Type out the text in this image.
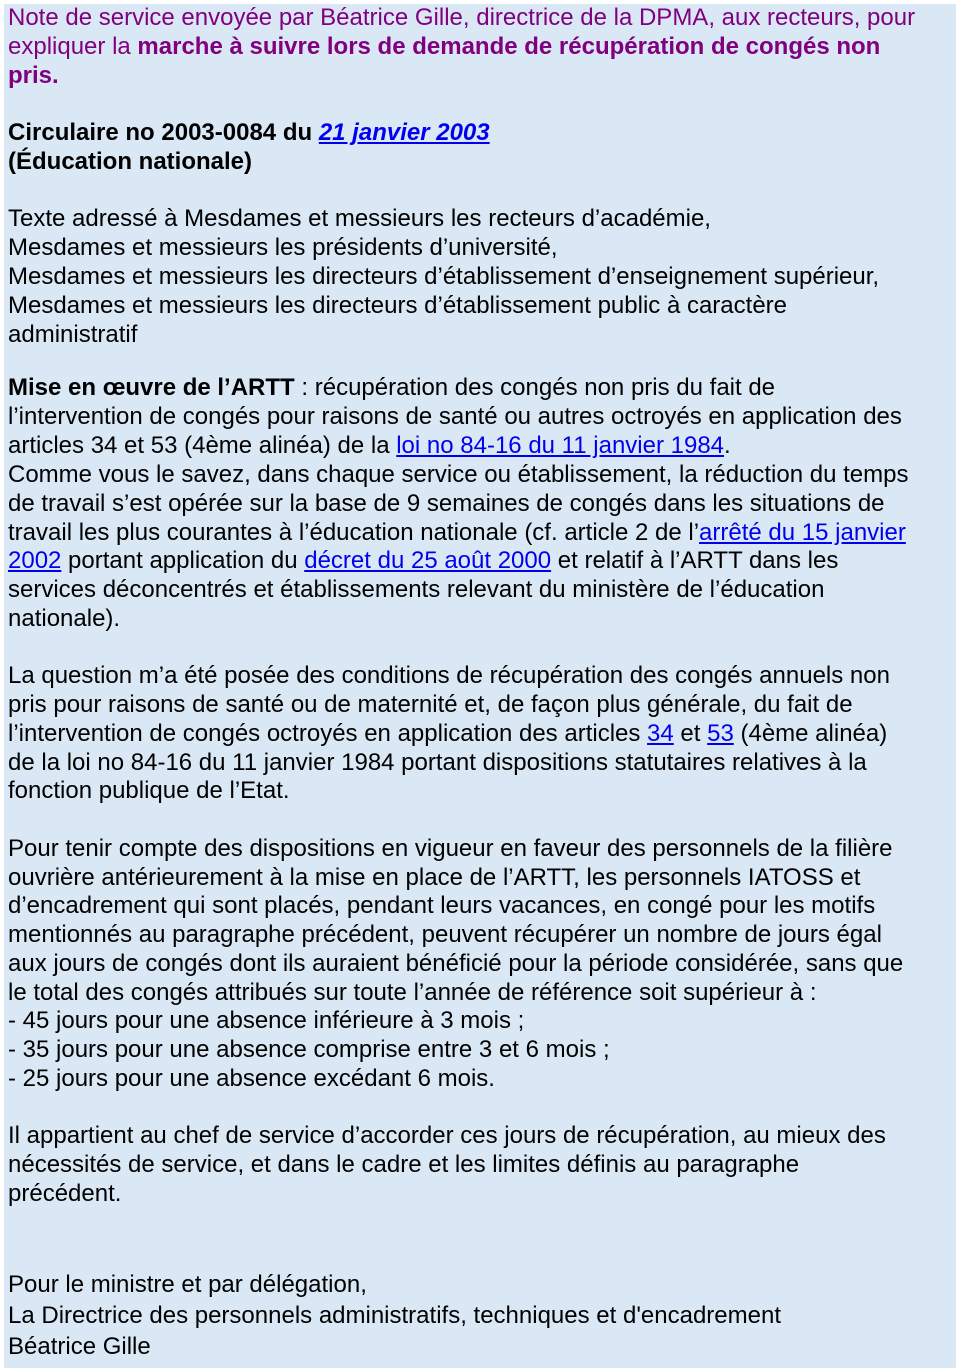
Note de service envoyée par Béatrice Gille, directrice de la DPMA, aux recteurs, pour
expliquer la marche à suivre lors de demande de récupération de congés non
pris.
Circulaire no 2003-0084 du 21 janvier 2003
(Éducation nationale)
Texte adressé à Mesdames et messieurs les recteurs d’académie,
Mesdames et messieurs les présidents d’université,
Mesdames et messieurs les directeurs d’établissement d’enseignement supérieur,
Mesdames et messieurs les directeurs d’établissement public à caractère
administratif
Mise en œuvre de l’ARTT : récupération des congés non pris du fait de
l’intervention de congés pour raisons de santé ou autres octroyés en application des
articles 34 et 53 (4ème alinéa) de la loi no 84-16 du 11 janvier 1984.
Comme vous le savez, dans chaque service ou établissement, la réduction du temps
de travail s’est opérée sur la base de 9 semaines de congés dans les situations de
travail les plus courantes à l’éducation nationale (cf. article 2 de l’arrêté du 15 janvier
2002 portant application du décret du 25 août 2000 et relatif à l’ARTT dans les
services déconcentrés et établissements relevant du ministère de l’éducation
nationale).
La question m’a été posée des conditions de récupération des congés annuels non
pris pour raisons de santé ou de maternité et, de façon plus générale, du fait de
l’intervention de congés octroyés en application des articles 34 et 53 (4ème alinéa)
de la loi no 84-16 du 11 janvier 1984 portant dispositions statutaires relatives à la
fonction publique de l’Etat.
Pour tenir compte des dispositions en vigueur en faveur des personnels de la filière
ouvrière antérieurement à la mise en place de l’ARTT, les personnels IATOSS et
d’encadrement qui sont placés, pendant leurs vacances, en congé pour les motifs
mentionnés au paragraphe précédent, peuvent récupérer un nombre de jours égal
aux jours de congés dont ils auraient bénéficié pour la période considérée, sans que
le total des congés attribués sur toute l’année de référence soit supérieur à :
- 45 jours pour une absence inférieure à 3 mois ;
- 35 jours pour une absence comprise entre 3 et 6 mois ;
- 25 jours pour une absence excédant 6 mois.
Il appartient au chef de service d’accorder ces jours de récupération, au mieux des
nécessités de service, et dans le cadre et les limites définis au paragraphe
précédent.
Pour le ministre et par délégation,
La Directrice des personnels administratifs, techniques et d'encadrement
Béatrice Gille
